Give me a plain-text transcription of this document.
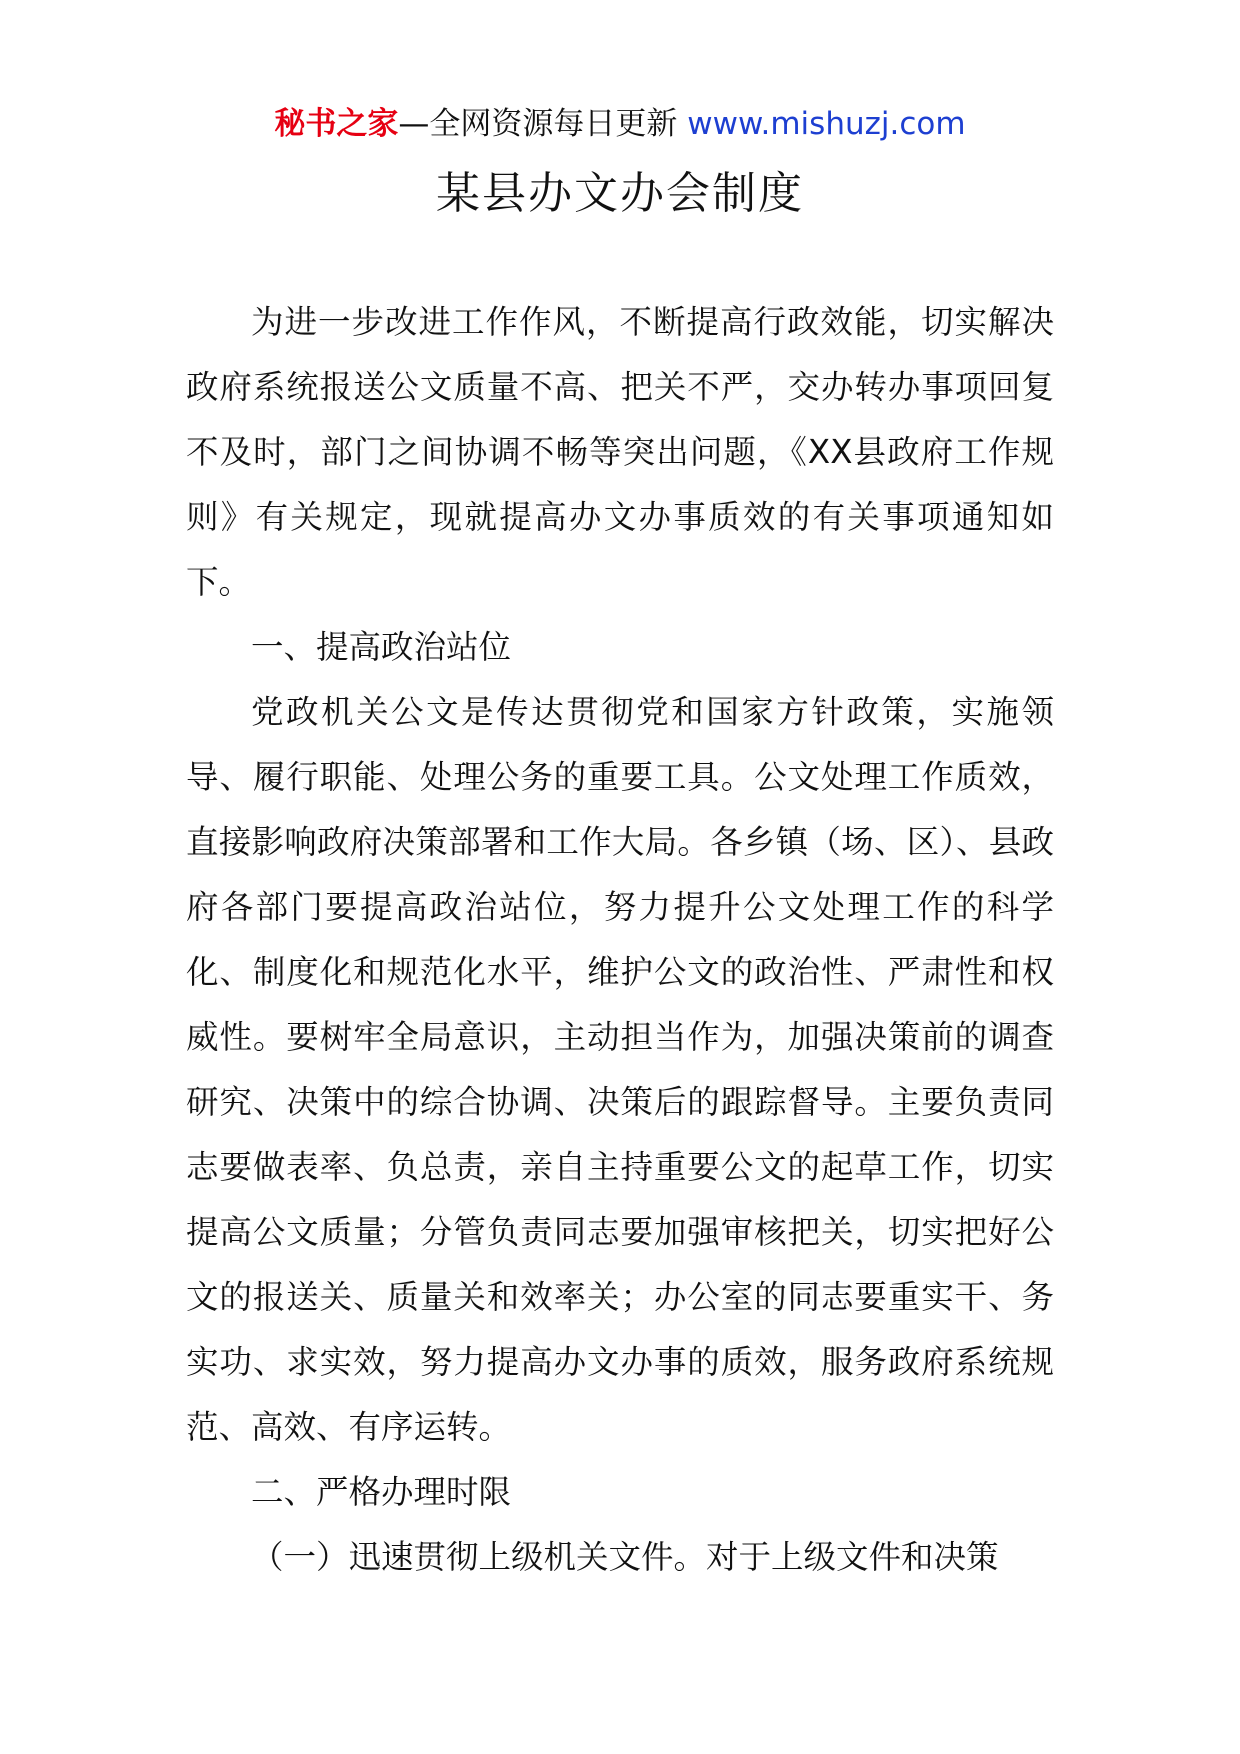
秘书之家—全网资源每日更新 www.mishuzj.com
某县办文办会制度

为进一步改进工作作风，不断提高行政效能，切实解决政府系统报送公文质量不高、把关不严，交办转办事项回复不及时，部门之间协调不畅等突出问题，《XX县政府工作规则》有关规定，现就提高办文办事质效的有关事项通知如下。

一、提高政治站位

党政机关公文是传达贯彻党和国家方针政策，实施领导、履行职能、处理公务的重要工具。公文处理工作质效，直接影响政府决策部署和工作大局。各乡镇（场、区）、县政府各部门要提高政治站位，努力提升公文处理工作的科学化、制度化和规范化水平，维护公文的政治性、严肃性和权威性。要树牢全局意识，主动担当作为，加强决策前的调查研究、决策中的综合协调、决策后的跟踪督导。主要负责同志要做表率、负总责，亲自主持重要公文的起草工作，切实提高公文质量；分管负责同志要加强审核把关，切实把好公文的报送关、质量关和效率关；办公室的同志要重实干、务实功、求实效，努力提高办文办事的质效，服务政府系统规范、高效、有序运转。

二、严格办理时限

（一）迅速贯彻上级机关文件。对于上级文件和决策
